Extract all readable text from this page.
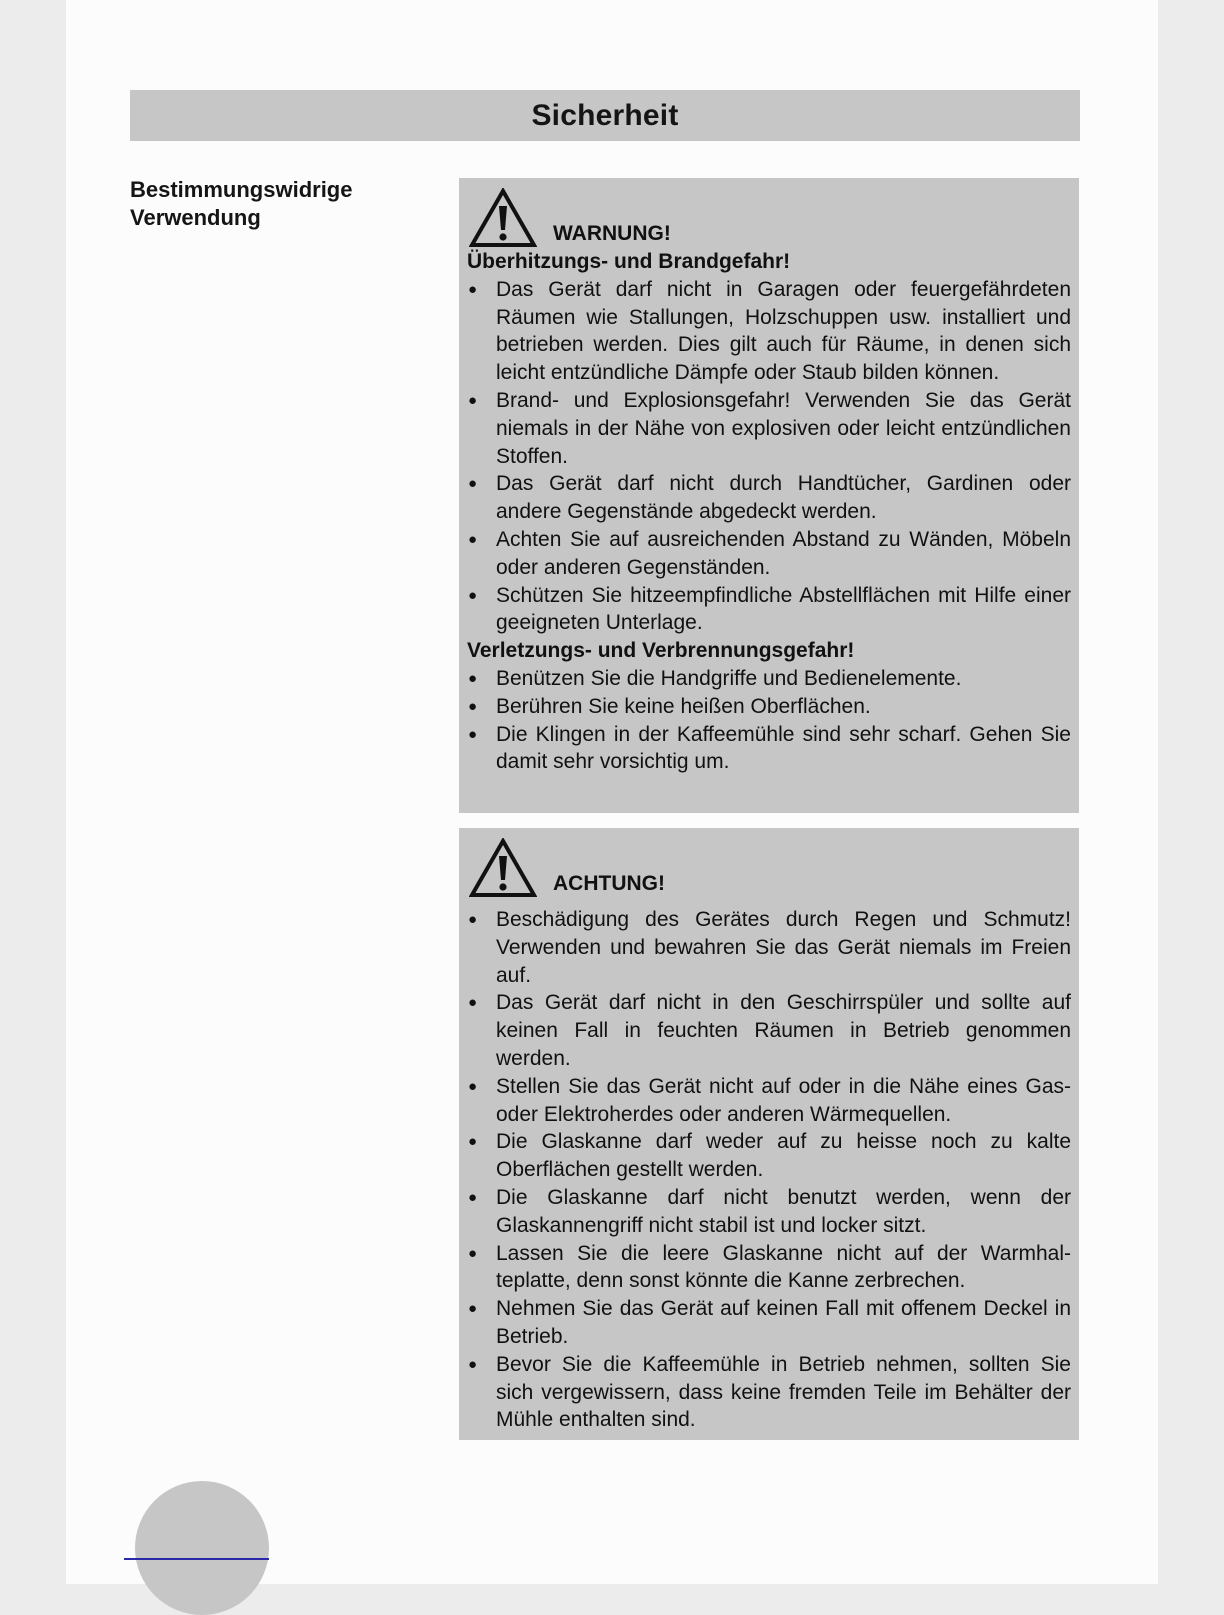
Sicherheit
Bestimmungswidrige
Verwendung
WARNUNG!

Überhitzungs- und Brandgefahr!

● Das Gerät darf nicht in Garagen oder feuergefährdeten Räumen wie Stallungen, Holzschuppen usw. installiert und betrieben werden. Dies gilt auch für Räume, in denen sich leicht entzündliche Dämpfe oder Staub bilden können.
● Brand- und Explosionsgefahr! Verwenden Sie das Gerät niemals in der Nähe von explosiven oder leicht entzündlichen Stoffen.
● Das Gerät darf nicht durch Handtücher, Gardinen oder andere Gegenstände abgedeckt werden.
● Achten Sie auf ausreichenden Abstand zu Wänden, Möbeln oder anderen Gegenständen.
● Schützen Sie hitzeempfindliche Abstellflächen mit Hilfe einer geeigneten Unterlage.

Verletzungs- und Verbrennungsgefahr!

● Benützen Sie die Handgriffe und Bedienelemente.
● Berühren Sie keine heißen Oberflächen.
● Die Klingen in der Kaffeemühle sind sehr scharf. Gehen Sie damit sehr vorsichtig um.
ACHTUNG!
● Beschädigung des Gerätes durch Regen und Schmutz! Verwenden und bewahren Sie das Gerät niemals im Freien auf.
● Das Gerät darf nicht in den Geschirrspüler und sollte auf keinen Fall in feuchten Räumen in Betrieb genommen werden.
● Stellen Sie das Gerät nicht auf oder in die Nähe eines Gas- oder Elektroherdes oder anderen Wärmequellen.
● Die Glaskanne darf weder auf zu heisse noch zu kalte Oberflächen gestellt werden.
● Die Glaskanne darf nicht benutzt werden, wenn der Glaskannengriff nicht stabil ist und locker sitzt.
● Lassen Sie die leere Glaskanne nicht auf der Warmhalteplatte, denn sonst könnte die Kanne zerbrechen.
● Nehmen Sie das Gerät auf keinen Fall mit offenem Deckel in Betrieb.
● Bevor Sie die Kaffeemühle in Betrieb nehmen, sollten Sie sich vergewissern, dass keine fremden Teile im Behälter der Mühle enthalten sind.
